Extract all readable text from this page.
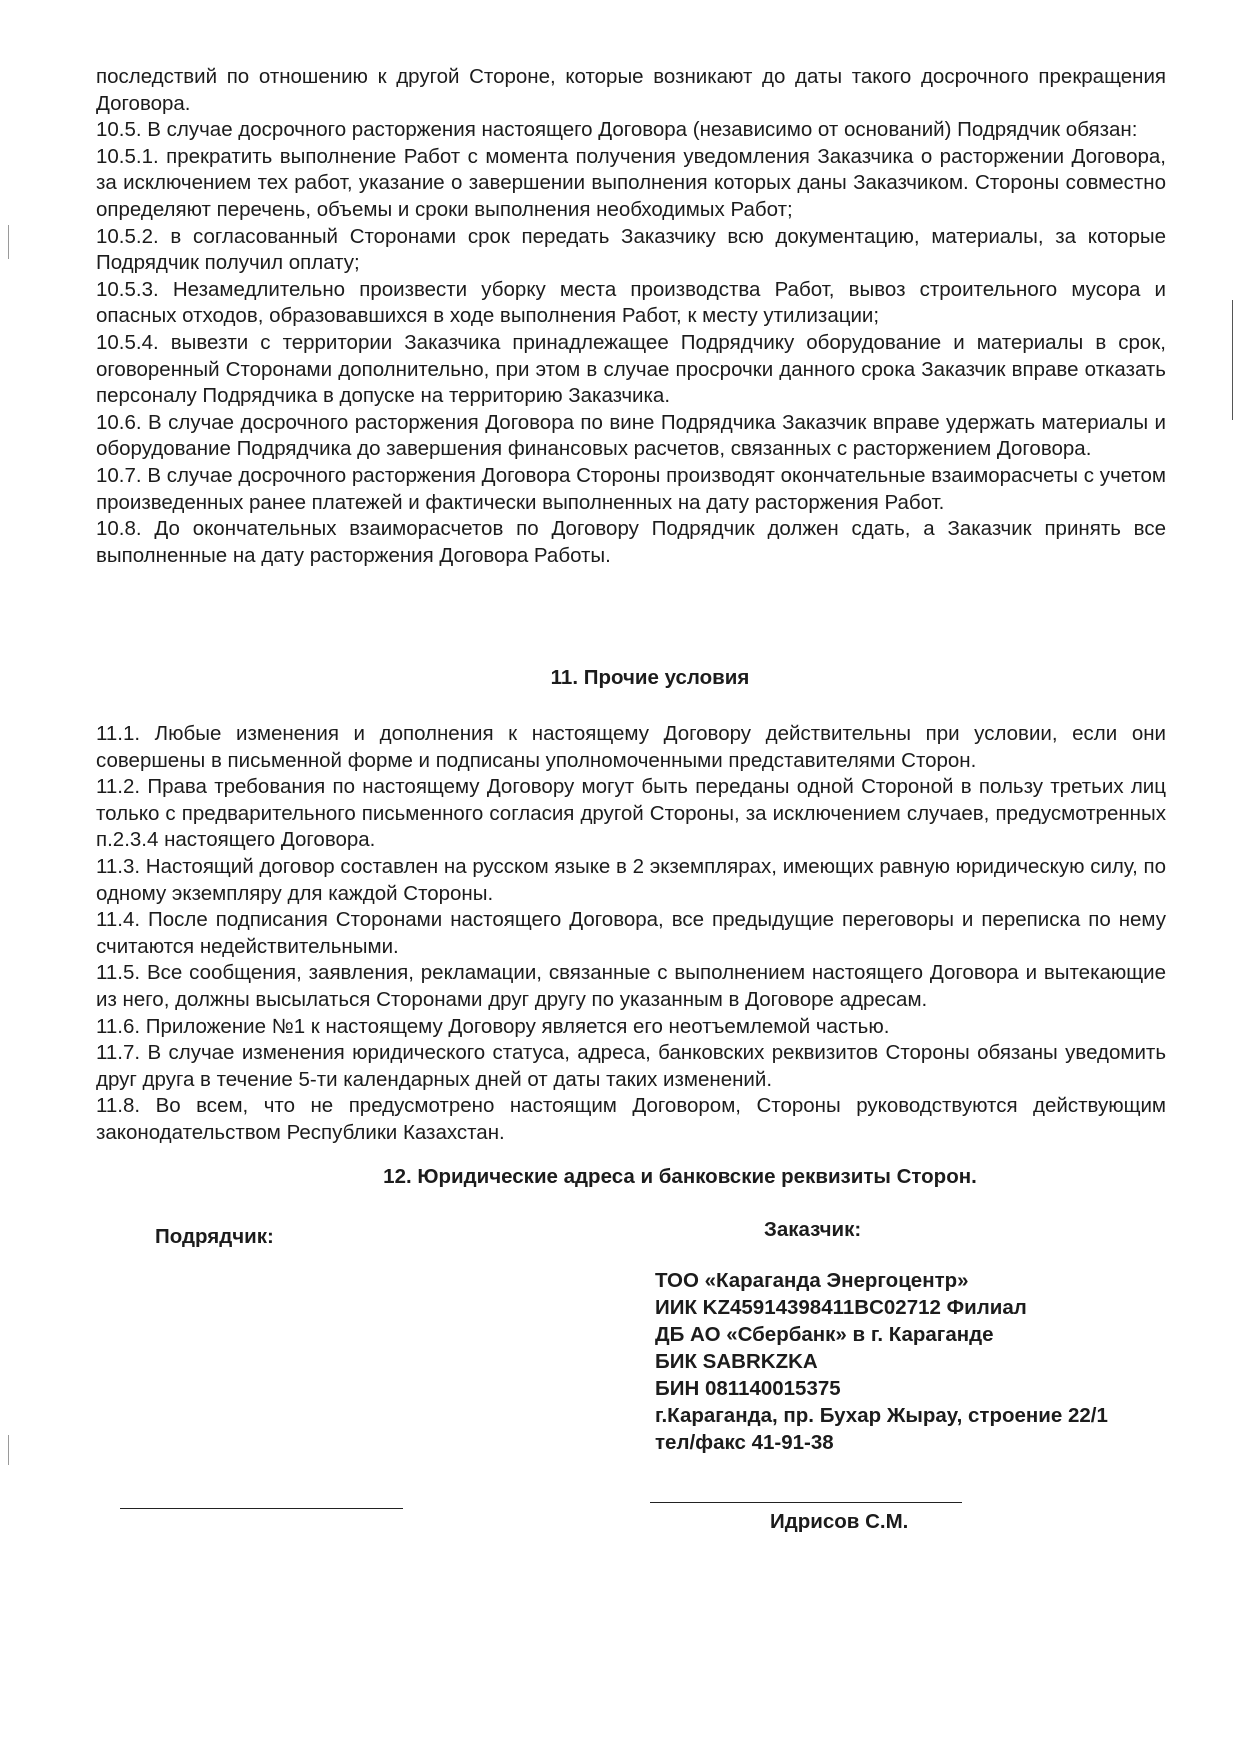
последствий по отношению к другой Стороне, которые возникают до даты такого досрочного прекращения Договора.

10.5. В случае досрочного расторжения настоящего Договора (независимо от оснований) Подрядчик обязан:

10.5.1. прекратить выполнение Работ с момента получения уведомления Заказчика о расторжении Договора, за исключением тех работ, указание о завершении выполнения которых даны Заказчиком. Стороны совместно определяют перечень, объемы и сроки выполнения необходимых Работ;

10.5.2. в согласованный Сторонами срок передать Заказчику всю документацию, материалы, за которые Подрядчик получил оплату;

10.5.3. Незамедлительно произвести уборку места производства Работ, вывоз строительного мусора и опасных отходов, образовавшихся в ходе выполнения Работ, к месту утилизации;

10.5.4. вывезти с территории Заказчика принадлежащее Подрядчику оборудование и материалы в срок, оговоренный Сторонами дополнительно, при этом в случае просрочки данного срока Заказчик вправе отказать персоналу Подрядчика в допуске на территорию Заказчика.

10.6. В случае досрочного расторжения Договора по вине Подрядчика Заказчик вправе удержать материалы и оборудование Подрядчика до завершения финансовых расчетов, связанных с расторжением Договора.

10.7. В случае досрочного расторжения Договора Стороны производят окончательные взаиморасчеты с учетом произведенных ранее платежей и фактически выполненных на дату расторжения Работ.

10.8. До окончательных взаиморасчетов по Договору Подрядчик должен сдать, а Заказчик принять все выполненные на дату расторжения Договора Работы.

11. Прочие условия

11.1. Любые изменения и дополнения к настоящему Договору действительны при условии, если они совершены в письменной форме и подписаны уполномоченными представителями Сторон.

11.2. Права требования по настоящему Договору могут быть переданы одной Стороной в пользу третьих лиц только с предварительного письменного согласия другой Стороны, за исключением случаев, предусмотренных п.2.3.4 настоящего Договора.

11.3. Настоящий договор составлен на русском языке в 2 экземплярах, имеющих равную юридическую силу, по одному экземпляру для каждой Стороны.

11.4. После подписания Сторонами настоящего Договора, все предыдущие переговоры и переписка по нему считаются недействительными.

11.5. Все сообщения, заявления, рекламации, связанные с выполнением настоящего Договора и вытекающие из него, должны высылаться Сторонами друг другу по указанным в Договоре адресам.

11.6. Приложение №1 к настоящему Договору является его неотъемлемой частью.

11.7. В случае изменения юридического статуса, адреса, банковских реквизитов Стороны обязаны уведомить друг друга в течение 5-ти календарных дней от даты таких изменений.

11.8. Во всем, что не предусмотрено настоящим Договором, Стороны руководствуются действующим законодательством Республики Казахстан.

12. Юридические адреса и банковские реквизиты Сторон.
Подрядчик:	Заказчик:
ТОО «Караганда Энергоцентр»
ИИК KZ45914398411BC02712 Филиал
ДБ АО «Сбербанк» в г. Караганде
БИК SABRKZKA
БИН 081140015375
г.Караганда, пр. Бухар Жырау, строение 22/1
тел/факс 41-91-38
Идрисов С.М.
